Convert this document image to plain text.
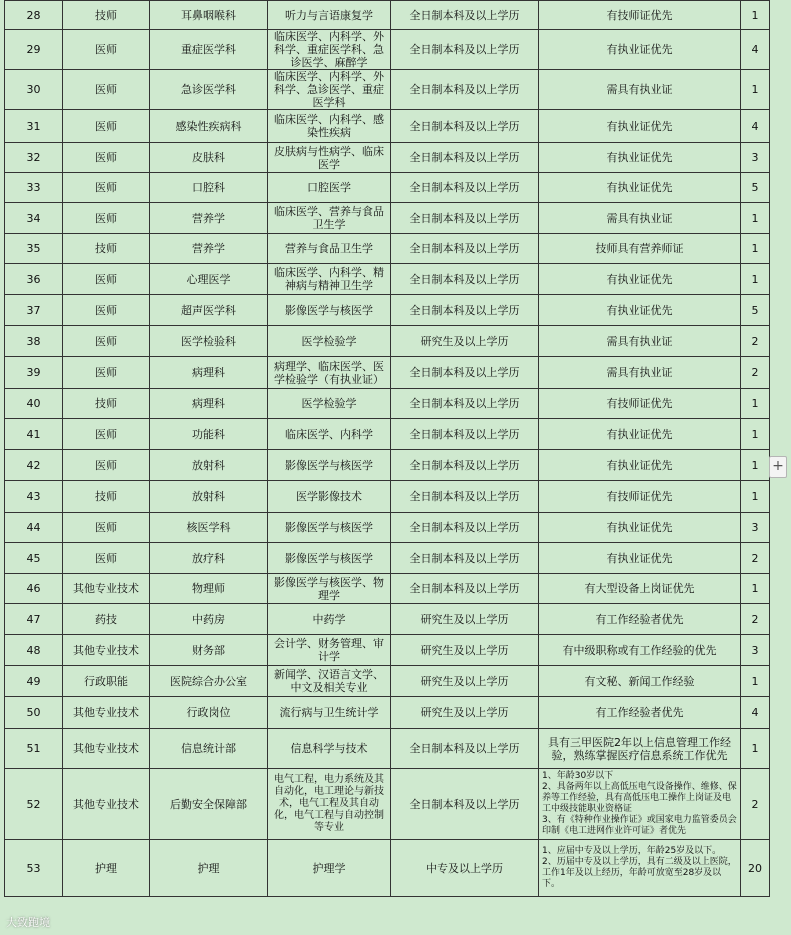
28	技师	耳鼻咽喉科	听力与言语康复学	全日制本科及以上学历	有技师证优先	1
29	医师	重症医学科	临床医学、内科学、外科学、重症医学科、急诊医学、麻醉学	全日制本科及以上学历	有执业证优先	4
30	医师	急诊医学科	临床医学、内科学、外科学、急诊医学、重症医学科	全日制本科及以上学历	需具有执业证	1
31	医师	感染性疾病科	临床医学、内科学、感染性疾病	全日制本科及以上学历	有执业证优先	4
32	医师	皮肤科	皮肤病与性病学、临床医学	全日制本科及以上学历	有执业证优先	3
33	医师	口腔科	口腔医学	全日制本科及以上学历	有执业证优先	5
34	医师	营养学	临床医学、营养与食品卫生学	全日制本科及以上学历	需具有执业证	1
35	技师	营养学	营养与食品卫生学	全日制本科及以上学历	技师具有营养师证	1
36	医师	心理医学	临床医学、内科学、精神病与精神卫生学	全日制本科及以上学历	有执业证优先	1
37	医师	超声医学科	影像医学与核医学	全日制本科及以上学历	有执业证优先	5
38	医师	医学检验科	医学检验学	研究生及以上学历	需具有执业证	2
39	医师	病理科	病理学、临床医学、医学检验学（有执业证）	全日制本科及以上学历	需具有执业证	2
40	技师	病理科	医学检验学	全日制本科及以上学历	有技师证优先	1
41	医师	功能科	临床医学、内科学	全日制本科及以上学历	有执业证优先	1
42	医师	放射科	影像医学与核医学	全日制本科及以上学历	有执业证优先	1
43	技师	放射科	医学影像技术	全日制本科及以上学历	有技师证优先	1
44	医师	核医学科	影像医学与核医学	全日制本科及以上学历	有执业证优先	3
45	医师	放疗科	影像医学与核医学	全日制本科及以上学历	有执业证优先	2
46	其他专业技术	物理师	影像医学与核医学、物理学	全日制本科及以上学历	有大型设备上岗证优先	1
47	药技	中药房	中药学	研究生及以上学历	有工作经验者优先	2
48	其他专业技术	财务部	会计学、财务管理、审计学	研究生及以上学历	有中级职称或有工作经验的优先	3
49	行政职能	医院综合办公室	新闻学、汉语言文学、中文及相关专业	研究生及以上学历	有文秘、新闻工作经验	1
50	其他专业技术	行政岗位	流行病与卫生统计学	研究生及以上学历	有工作经验者优先	4
51	其他专业技术	信息统计部	信息科学与技术	全日制本科及以上学历	具有三甲医院2年以上信息管理工作经验，熟练掌握医疗信息系统工作优先	1
52	其他专业技术	后勤安全保障部	电气工程，电力系统及其自动化，电工理论与新技术，电气工程及其自动化，电气工程与自动控制等专业	全日制本科及以上学历	1、年龄30岁以下
2、具备两年以上高低压电气设备操作、维修、保养等工作经验，具有高低压电工操作上岗证及电工中级技能职业资格证
3、有《特种作业操作证》或国家电力监管委员会印制《电工进网作业许可证》者优先	2
53	护理	护理	护理学	中专及以上学历	1、应届中专及以上学历，年龄25岁及以下。
2、历届中专及以上学历，具有二级及以上医院，工作1年及以上经历，年龄可放宽至28岁及以下。	20
+
大致跑境
